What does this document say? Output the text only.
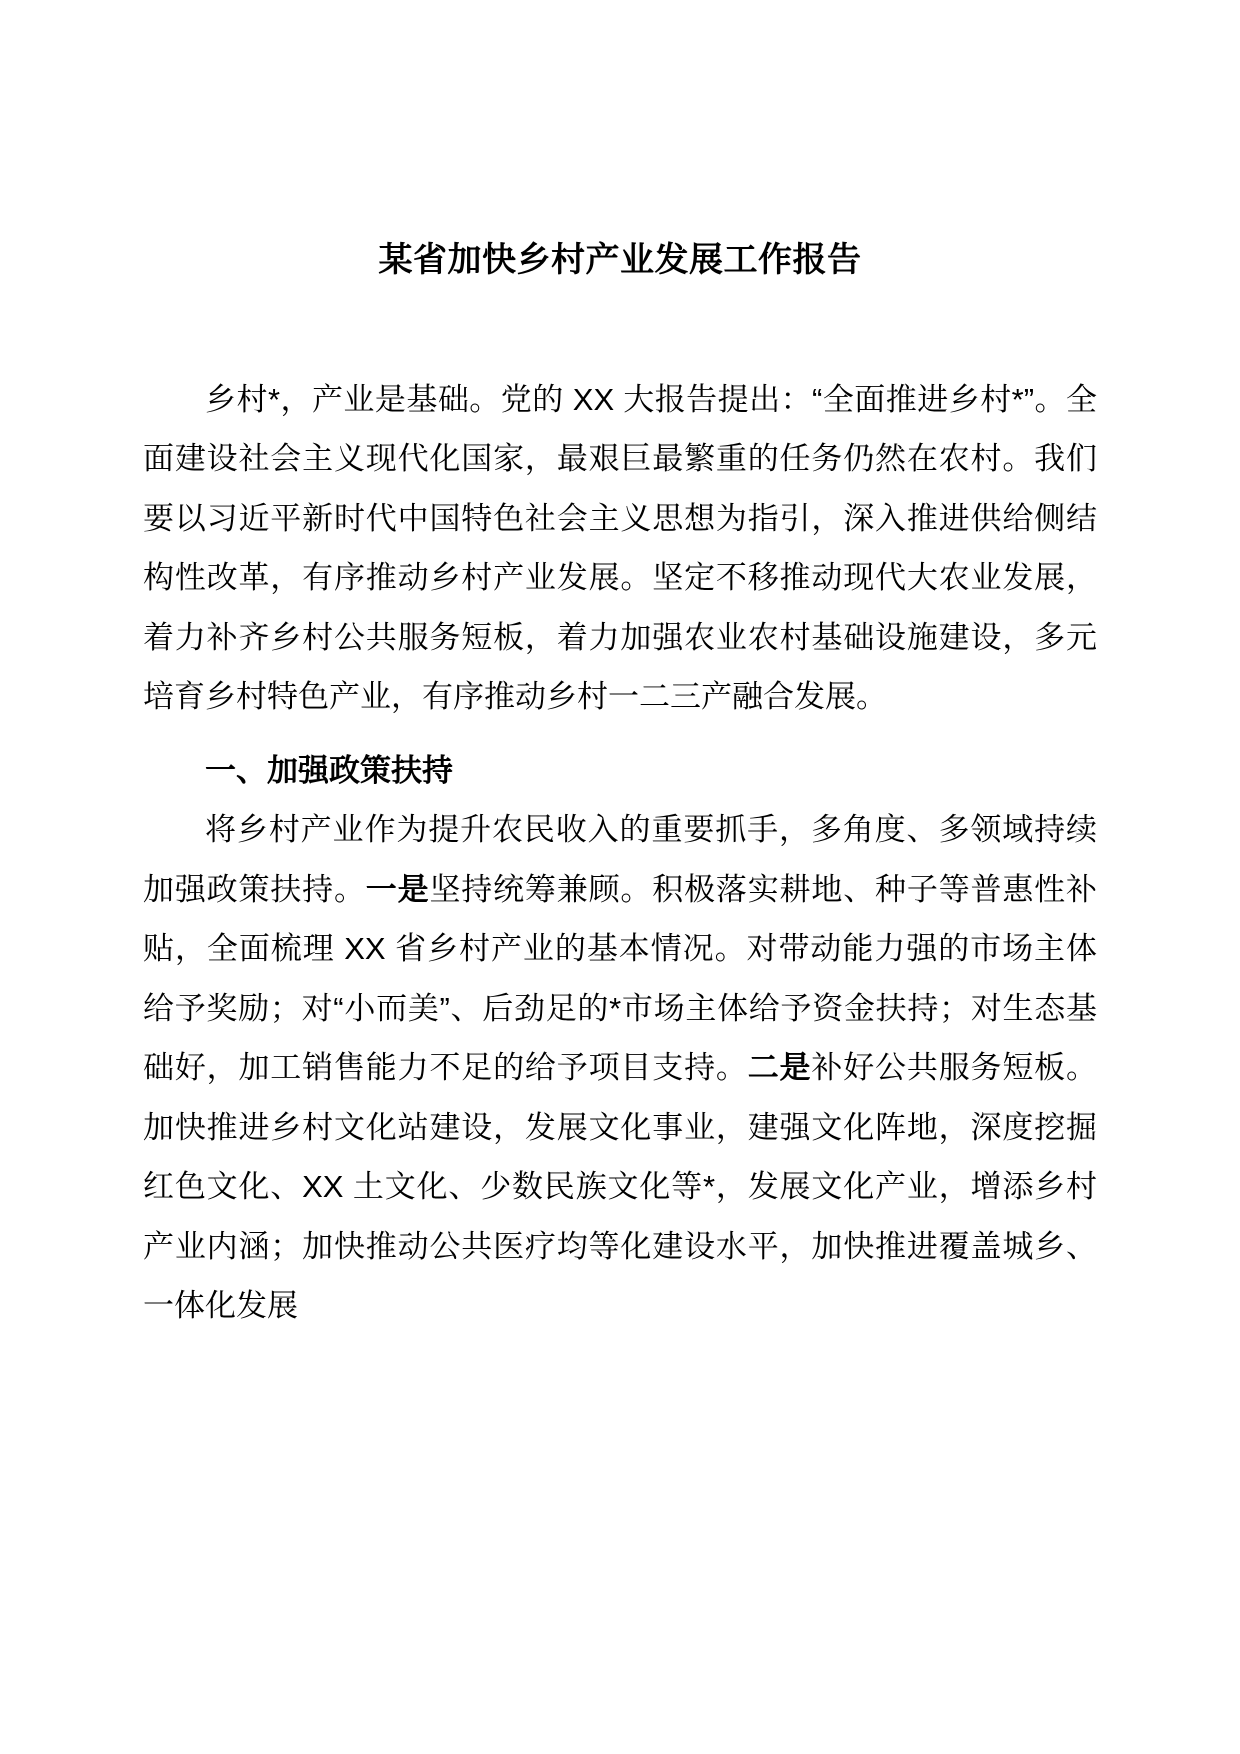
某省加快乡村产业发展工作报告

乡村*，产业是基础。党的 XX 大报告提出：“全面推进乡村*”。全面建设社会主义现代化国家，最艰巨最繁重的任务仍然在农村。我们要以习近平新时代中国特色社会主义思想为指引，深入推进供给侧结构性改革，有序推动乡村产业发展。坚定不移推动现代大农业发展，着力补齐乡村公共服务短板，着力加强农业农村基础设施建设，多元培育乡村特色产业，有序推动乡村一二三产融合发展。

一、加强政策扶持

将乡村产业作为提升农民收入的重要抓手，多角度、多领域持续加强政策扶持。一是坚持统筹兼顾。积极落实耕地、种子等普惠性补贴，全面梳理 XX 省乡村产业的基本情况。对带动能力强的市场主体给予奖励；对“小而美”、后劲足的*市场主体给予资金扶持；对生态基础好，加工销售能力不足的给予项目支持。二是补好公共服务短板。加快推进乡村文化站建设，发展文化事业，建强文化阵地，深度挖掘红色文化、XX 土文化、少数民族文化等*，发展文化产业，增添乡村产业内涵；加快推动公共医疗均等化建设水平，加快推进覆盖城乡、一体化发展
